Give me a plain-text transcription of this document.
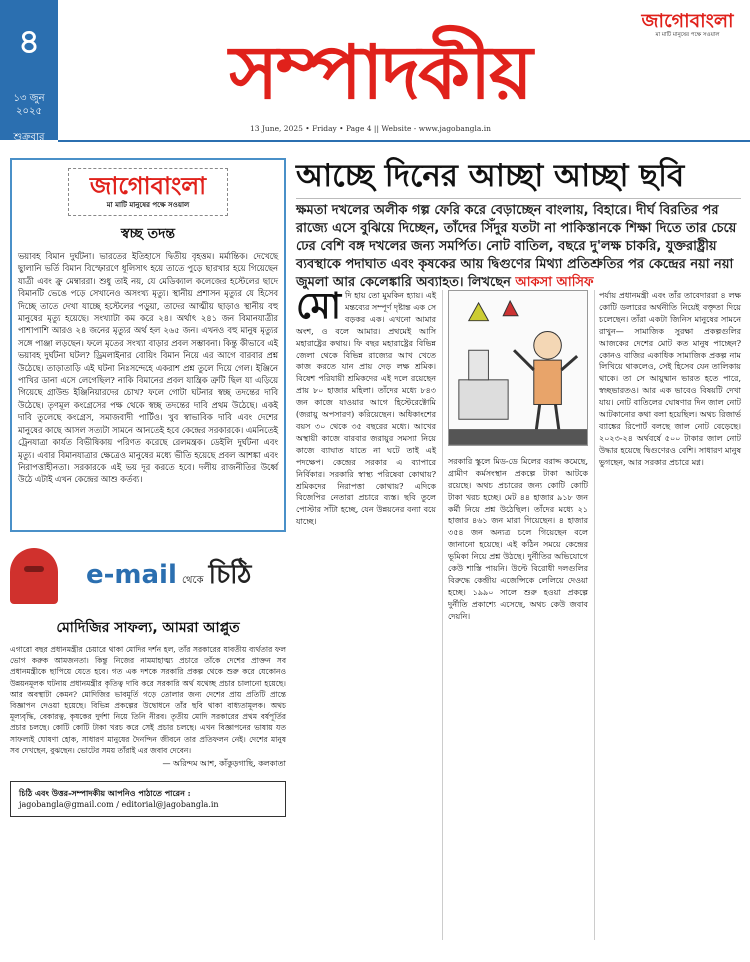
৪
১৩ জুন ২০২৫
শুক্রবার
সম্পাদকীয়
জাগোবাংলা
মা মাটি মানুষের পক্ষে সওয়াল
13 June, 2025 • Friday • Page 4 || Website - www.jagobangla.in
জাগোবাংলা
মা মাটি মানুষের পক্ষে সওয়াল
স্বচ্ছ তদন্ত
ভয়াবহ বিমান দুর্ঘটনা। ভারতের ইতিহাসে দ্বিতীয় বৃহত্তম। মর্মান্তিক। দেখেছে ছ্বালানি ভর্তি বিমান বিস্ফোরণে ধূলিসাৎ হয়ে তাতে পুড়ে ছারখার হয়ে গিয়েছেন যাত্রী এবং ক্রু মেম্বাররা। শুধু তাই নয়, যে মেডিক্যাল কলেজের হস্টেলের ছাদে বিমানটি ভেঙে পড়ে সেখানেও অসংখ্য মৃত্যু। স্থানীয় প্রশাসন মৃত্যুর যে হিসেব দিচ্ছে তাতে দেখা যাচ্ছে হস্টেলের পড়ুয়া, তাদের আত্মীয় ছাড়াও স্থানীয় বহু মানুষের মৃত্যু হয়েছে। সংখ্যাটা কম করে ২৪। অর্থাৎ ২৪১ জন বিমানযাত্রীর পাশাপাশি আরও ২৪ জনের মৃত্যুর অর্থ হল ২৬৫ জন। এখনও বহু মানুষ মৃত্যুর সঙ্গে পাঞ্জা লড়ছেন। ফলে মৃতের সংখ্যা বাড়ার প্রবল সম্ভাবনা। কিন্তু কীভাবে এই ভয়াবহ দুর্ঘটনা ঘটল? ড্রিমলাইনার বোয়িং বিমান নিয়ে এর আগে বারবার প্রশ্ন উঠেছে। তাড়াতাড়ি এই ঘটনা নিঃসন্দেহে একরাশ প্রশ্ন তুলে দিয়ে গেল। ইঞ্জিনে পাখির ডানা এসে লেগেছিল? নাকি বিমানের প্রবল যান্ত্রিক ত্রুটি ছিল যা এড়িয়ে গিয়েছে গ্রাউন্ড ইঞ্জিনিয়ারদের চোখ? ফলে গোটা ঘটনার স্বচ্ছ তদন্তের দাবি উঠেছে। তৃণমূল কংগ্রেসের পক্ষ থেকে স্বচ্ছ তদন্তের দাবি প্রথম উঠেছে। একই দাবি তুলেছে কংগ্রেস, সমাজবাদী পার্টিও। খুব স্বাভাবিক দাবি এবং দেশের মানুষের কাছে আসল সত্যটা সামনে আনতেই হবে কেন্দ্রের সরকারকে। এমনিতেই ট্রেনযাত্রা কার্যত বিভীষিকায় পরিণত করেছে রেলমন্ত্রক। ডেইলি দুর্ঘটনা এবং মৃত্যু। এবার বিমানযাত্রার ক্ষেত্রেও মানুষের মধ্যে ভীতি হয়েছে প্রবল আশঙ্কা এবং নিরাপত্তাহীনতা। সরকারকে এই ভয় দূর করতে হবে। দলীয় রাজনীতির উর্ধ্বে উঠে এটাই এখন কেন্দ্রের আশু কর্তব্য।
e-mail থেকে চিঠি
মোদিজির সাফল্য, আমরা আপ্লুত
এগারো বছর প্রধানমন্ত্রীর চেয়ারে থাকা মোদির দর্শন হল, তাঁর সরকারের যাবতীয় ব্যর্থতার ফল ভোগ করুক আমজনতা। কিন্তু নিজের নামমাহাত্ম্য প্রচারে তাঁকে দেশের প্রাক্তন সব প্রধানমন্ত্রীকে ছাপিয়ে যেতে হবে। গত এক দশকে সরকারি প্রকল্প থেকে শুরু করে যেকোনও উন্নয়নমূলক ঘটনায় প্রধানমন্ত্রীর কৃতিত্ব দাবি করে সরকারি অর্থ যথেচ্ছ প্রচার চালানো হয়েছে। আর অবস্থাটা কেমন? মোদিজির ভাবমূর্তি গড়ে তোলার জন্য দেশের প্রায় প্রতিটি প্রান্তে বিজ্ঞাপন দেওয়া হয়েছে। বিভিন্ন প্রকল্পের উদ্বোধনে তাঁর ছবি থাকা বাধ্যতামূলক। অথচ মূল্যবৃদ্ধি, বেকারত্ব, কৃষকের দুর্দশা নিয়ে তিনি নীরব। তৃতীয় মোদি সরকারের প্রথম বর্ষপূর্তির প্রচার চলছে। কোটি কোটি টাকা খরচ করে সেই প্রচার চলছে। এখন বিজ্ঞাপনের ভাষায় যত সাফল্যই ঘোষণা হোক, সাধারণ মানুষের দৈনন্দিন জীবনে তার প্রতিফলন নেই। দেশের মানুষ সব দেখছেন, বুঝছেন। ভোটের সময় তাঁরাই এর জবাব দেবেন।
— অরিন্দম আশ, কাঁকুড়গাছি, কলকাতা
চিঠি এবং উত্তর-সম্পাদকীয় আপনিও পাঠাতে পারেন :
jagobangla@gmail.com / editorial@jagobangla.in
আচ্ছে দিনের আচ্ছা আচ্ছা ছবি
ক্ষমতা দখলের অলীক গল্প ফেরি করে বেড়াচ্ছেন বাংলায়, বিহারে। দীর্ঘ বিরতির পর রাজ্যে এসে বুঝিয়ে দিচ্ছেন, তাঁদের সিঁদুর যতটা না পাকিস্তানকে শিক্ষা দিতে তার চেয়ে ঢের বেশি বঙ্গ দখলের জন্য সমর্পিত। নোট বাতিল, বছরে দু'লক্ষ চাকরি, যুক্তরাষ্ট্রীয় ব্যবস্থাকে পদাঘাত এবং কৃষকের আয় দ্বিগুণের মিথ্যা প্রতিশ্রুতির পর কেন্দ্রের নয়া নয়া জুমলা আর কেলেঙ্কারি অব্যাহত। লিখছেন আকসা আসিফ
মো দি হায় তো মুমকিন হ্যায়। এই মন্তব্যের সম্পূর্ণ দৃষ্টান্ত এক সে বড়কর এক। এখনো আমার অংশ, ও বলে আমার। প্রথমেই আসি মহারাষ্ট্রের কথায়। ফি বছর মহারাষ্ট্রের বিভিন্ন জেলা থেকে বিভিন্ন রাজ্যের আখ খেতে কাজ করতে যান প্রায় দেড় লক্ষ শ্রমিক। বিষেশ পরিযায়ী শ্রমিকদের এই দলে রয়েছেন প্রায় ৮০ হাজার মহিলা। তাঁদের মধ্যে ৮৪৩ জন কাজে যাওয়ার আগে হিস্টেরেক্টোমি (জরায়ু অপসারণ) করিয়েছেন। অধিকাংশের বয়স ৩০ থেকে ৩৫ বছরের মধ্যে। আখের অস্থায়ী কাজে বারবার জরায়ুর সমস্যা নিয়ে কাজে ব্যাঘাত যাতে না ঘটে তাই এই পদক্ষেপ। কেন্দ্রের সরকার এ ব্যাপারে নির্বিকার। সরকারি স্বাস্থ্য পরিষেবা কোথায়? শ্রমিকদের নিরাপত্তা কোথায়? এদিকে বিজেপির নেতারা প্রচারে ব্যস্ত। ছবি তুলে পোস্টার সাঁটা হচ্ছে, যেন উন্নয়নের বন্যা বয়ে যাচ্ছে।
সরকারি স্কুলে মিড-ডে মিলের বরাদ্দ কমেছে, গ্রামীণ কর্মসংস্থান প্রকল্পে টাকা আটকে রয়েছে। অথচ প্রচারের জন্য কোটি কোটি টাকা খরচ হচ্ছে। মেট ৪৪ হাজার ৯১৮ জন কর্মী নিয়ে প্রশ্ন উঠেছিল। তাঁদের মধ্যে ২১ হাজার ৪৬১ জন মারা গিয়েছেন। ৪ হাজার ৩৫৪ জন অন্যত্র চলে গিয়েছেন বলে জানানো হয়েছে। এই কঠিন সময়ে কেন্দ্রের ভূমিকা নিয়ে প্রশ্ন উঠছে। দুর্নীতির অভিযোগে কেউ শাস্তি পায়নি। উল্টে বিরোধী দলগুলির বিরুদ্ধে কেন্দ্রীয় এজেন্সিকে লেলিয়ে দেওয়া হচ্ছে। ১৯৯০ সালে শুরু হওয়া প্রকল্পে দুর্নীতি প্রকাশ্যে এসেছে, অথচ কেউ জবাব দেয়নি।
পর্যায় প্রধানমন্ত্রী এবং তাঁর তাবেদাররা ৪ লক্ষ কোটি ডলারের অর্থনীতি নিয়েই বক্তৃতা দিয়ে চলেছেন। তাঁরা একটা জিনিস মানুষের সামনে রাখুন— সামাজিক সুরক্ষা প্রকল্পগুলির আজকের দেশের মোট কত মানুষ পাচ্ছেন? কোনও বাজির একাধিক সামাজিক প্রকল্প নাম লিখিয়ে থাকলেও, সেই হিসেব যেন তালিকায় থাকে। তা সে আয়ুষ্মান ভারত হতে পারে, স্বচ্ছভারতও। আর এক ভাবেও বিষয়টি দেখা যায়। নোট বাতিলের ঘোষণার দিন জাল নোট আটকানোর কথা বলা হয়েছিল। অথচ রিজার্ভ ব্যাঙ্কের রিপোর্ট বলছে জাল নোট বেড়েছে। ২০২৩-২৪ অর্থবর্ষে ৫০০ টাকার জাল নোট উদ্ধার হয়েছে দ্বিগুণেরও বেশি। সাধারণ মানুষ ভুগছেন, আর সরকার প্রচারে মগ্ন।
